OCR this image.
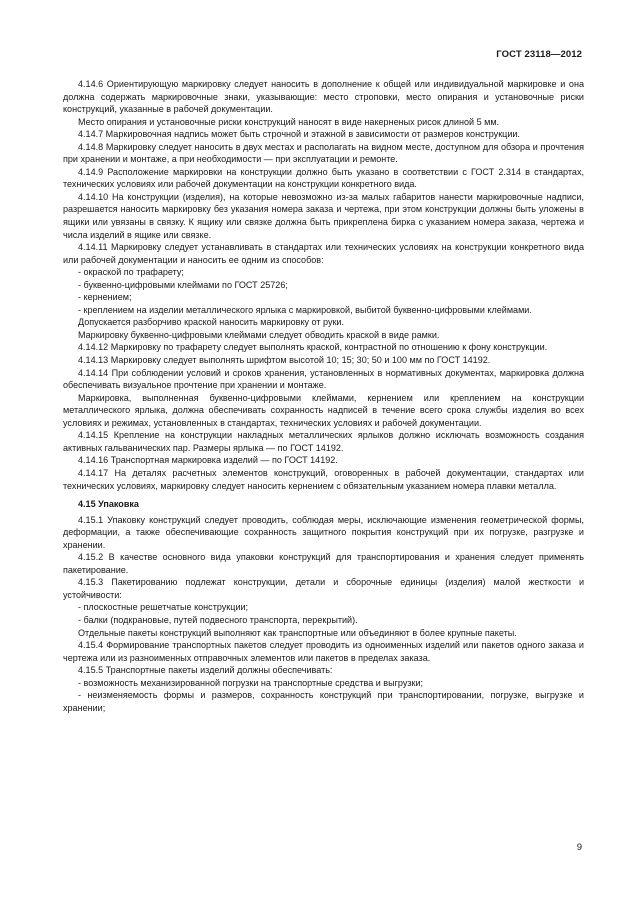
ГОСТ 23118—2012

4.14.6 Ориентирующую маркировку следует наносить в дополнение к общей или индивидуальной маркировке и она должна содержать маркировочные знаки, указывающие: место строповки, место опирания и установочные риски конструкций, указанные в рабочей документации.

Место опирания и установочные риски конструкций наносят в виде накерненых рисок длиной 5 мм.

4.14.7 Маркировочная надпись может быть строчной и этажной в зависимости от размеров конструкции.

4.14.8 Маркировку следует наносить в двух местах и располагать на видном месте, доступном для обзора и прочтения при хранении и монтаже, а при необходимости — при эксплуатации и ремонте.

4.14.9 Расположение маркировки на конструкции должно быть указано в соответствии с ГОСТ 2.314 в стандартах, технических условиях или рабочей документации на конструкции конкретного вида.

4.14.10 На конструкции (изделия), на которые невозможно из-за малых габаритов нанести маркировочные надписи, разрешается наносить маркировку без указания номера заказа и чертежа, при этом конструкции должны быть уложены в ящики или увязаны в связку. К ящику или связке должна быть прикреплена бирка с указанием номера заказа, чертежа и числа изделий в ящике или связке.

4.14.11 Маркировку следует устанавливать в стандартах или технических условиях на конструкции конкретного вида или рабочей документации и наносить ее одним из способов:

- окраской по трафарету;

- буквенно-цифровыми клеймами по ГОСТ 25726;

- кернением;

- креплением на изделии металлического ярлыка с маркировкой, выбитой буквенно-цифровыми клеймами.

Допускается разборчиво краской наносить маркировку от руки.

Маркировку буквенно-цифровыми клеймами следует обводить краской в виде рамки.

4.14.12 Маркировку по трафарету следует выполнять краской, контрастной по отношению к фону конструкции.

4.14.13 Маркировку следует выполнять шрифтом высотой 10; 15; 30; 50 и 100 мм по ГОСТ 14192.

4.14.14 При соблюдении условий и сроков хранения, установленных в нормативных документах, маркировка должна обеспечивать визуальное прочтение при хранении и монтаже.

Маркировка, выполненная буквенно-цифровыми клеймами, кернением или креплением на конструкции металлического ярлыка, должна обеспечивать сохранность надписей в течение всего срока службы изделия во всех условиях и режимах, установленных в стандартах, технических условиях и рабочей документации.

4.14.15 Крепление на конструкции накладных металлических ярлыков должно исключать возможность создания активных гальванических пар. Размеры ярлыка — по ГОСТ 14192.

4.14.16 Транспортная маркировка изделий — по ГОСТ 14192.

4.14.17 На деталях расчетных элементов конструкций, оговоренных в рабочей документации, стандартах или технических условиях, маркировку следует наносить кернением с обязательным указанием номера плавки металла.

4.15 Упаковка

4.15.1 Упаковку конструкций следует проводить, соблюдая меры, исключающие изменения геометрической формы, деформации, а также обеспечивающие сохранность защитного покрытия конструкций при их погрузке, разгрузке и хранении.

4.15.2 В качестве основного вида упаковки конструкций для транспортирования и хранения следует применять пакетирование.

4.15.3 Пакетированию подлежат конструкции, детали и сборочные единицы (изделия) малой жесткости и устойчивости:

- плоскостные решетчатые конструкции;

- балки (подкрановые, путей подвесного транспорта, перекрытий).

Отдельные пакеты конструкций выполняют как транспортные или объединяют в более крупные пакеты.

4.15.4 Формирование транспортных пакетов следует проводить из одноименных изделий или пакетов одного заказа и чертежа или из разноименных отправочных элементов или пакетов в пределах заказа.

4.15.5 Транспортные пакеты изделий должны обеспечивать:

- возможность механизированной погрузки на транспортные средства и выгрузки;

- неизменяемость формы и размеров, сохранность конструкций при транспортировании, погрузке, выгрузке и хранении;

9
